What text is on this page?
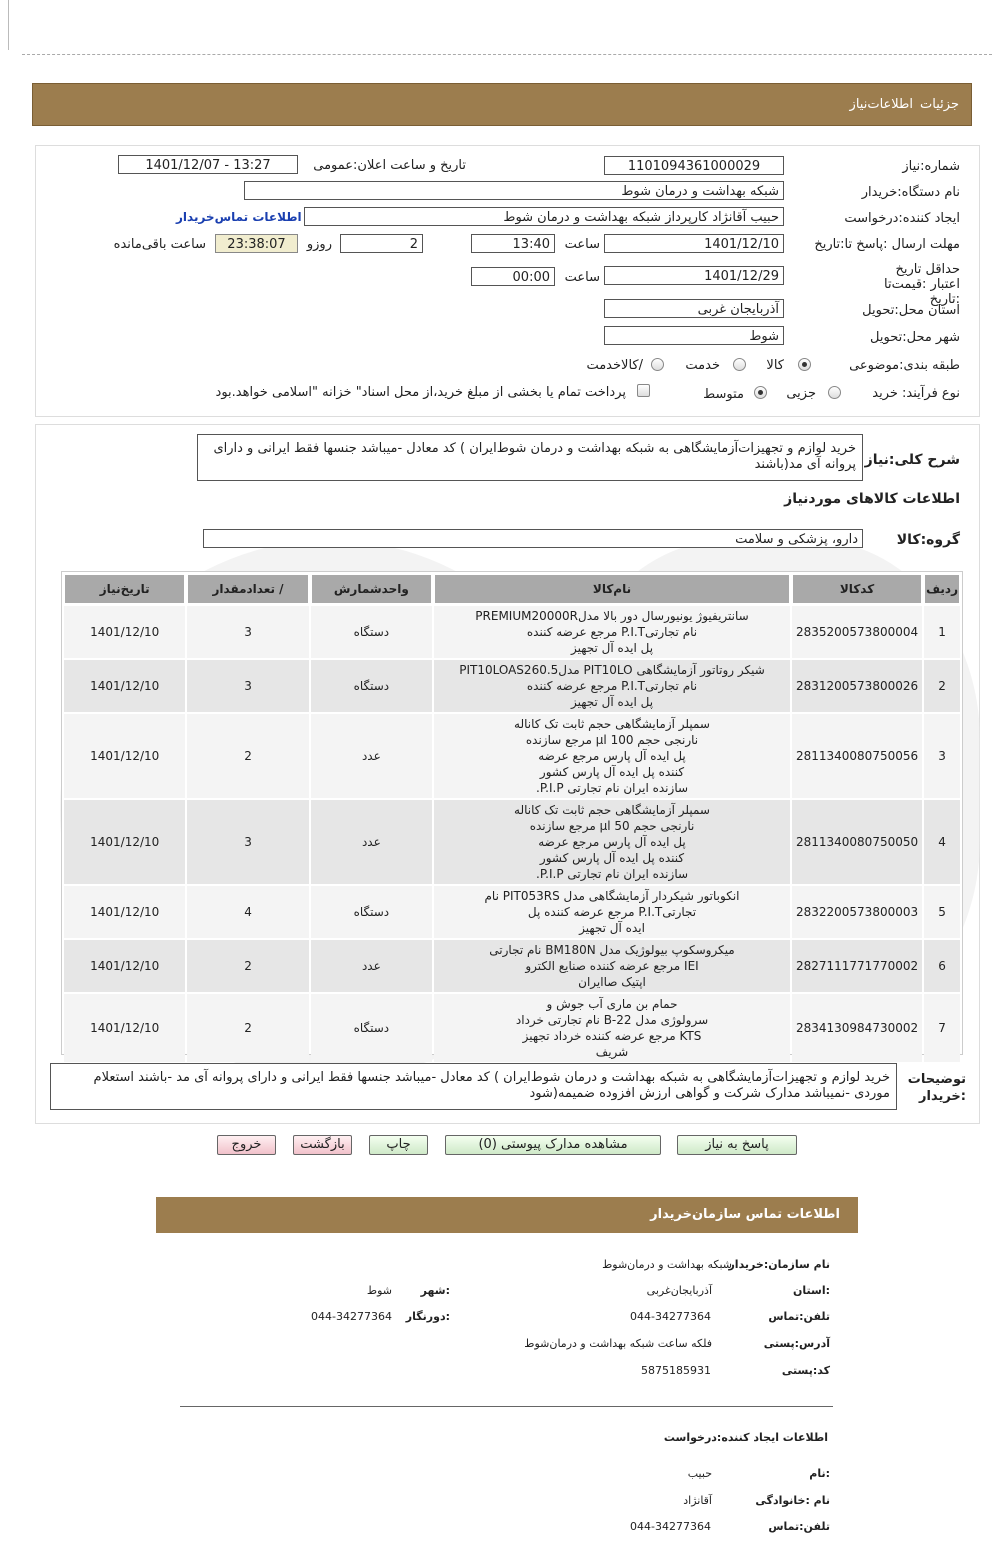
جزئیات
اطلاعات‌نیاز
شماره:نیاز
1101094361000029
تاریخ و ساعت اعلان:عمومی
1401/12/07 - 13:27
نام دستگاه:خریدار
شبکه بهداشت و درمان شوط
ایجاد کننده:درخواست
حبیب آقانژاد کارپرداز شبکه بهداشت و درمان شوط
اطلاعات تماس‌خریدار
مهلت ارسال :پاسخ تا:تاریخ
1401/12/10
ساعت
13:40
2
روزو
23:38:07
ساعت باقی‌مانده
حداقل تاریخ اعتبار :قیمت‌تا :تاریخ
1401/12/29
ساعت
00:00
استان محل:تحویل
آذربایجان غربی
شهر محل:تحویل
شوط
طبقه بندی:موضوعی
کالا
خدمت
/کالاخدمت
نوع فرآیند: خرید
جزیی
متوسط
پرداخت تمام یا بخشی از مبلغ خرید،از محل اسناد" خزانه "اسلامی خواهد.بود
شرح کلی:نیاز
خرید لوازم و تجهیزات‌آزمایشگاهی به شبکه بهداشت و درمان شوط‌ایران ) کد معادل -میباشد جنسها فقط ایرانی و دارای پروانه آی مد(باشند
اطلاعات کالاهای موردنیاز
گروه:کالا
دارو، پزشکی و سلامت
ردیف	کدکالا	نام‌کالا	واحدشمارش	/ تعدادمقدار	تاریخ‌نیاز
1	2835200573800004	سانتریفیوژ یونیورسال دور بالا مدلPREMIUM20000R
نام تجارتیP.I.T مرجع عرضه کننده
پل ایده آل تجهیز	دستگاه	3	1401/12/10
2	2831200573800026	شیکر روتاتور آزمایشگاهی PIT10LO مدلPIT10LOAS260.5
نام تجارتیP.I.T مرجع عرضه کننده
پل ایده آل تجهیز	دستگاه	3	1401/12/10
3	2811340080750056	سمپلر آزمایشگاهی حجم ثابت تک کاناله
نارنجی حجم µl 100 مرجع سازنده
پل ایده آل پارس مرجع عرضه
کننده پل ایده آل پارس کشور
سازنده ایران نام تجارتی P.I.P.	عدد	2	1401/12/10
4	2811340080750050	سمپلر آزمایشگاهی حجم ثابت تک کاناله
نارنجی حجم µl 50 مرجع سازنده
پل ایده آل پارس مرجع عرضه
کننده پل ایده آل پارس کشور
سازنده ایران نام تجارتی P.I.P.	عدد	3	1401/12/10
5	2832200573800003	انکوباتور شیکردار آزمایشگاهی مدل PIT053RS نام
تجارتیP.I.T مرجع عرضه کننده پل
ایده آل تجهیز	دستگاه	4	1401/12/10
6	2827111771770002	میکروسکوپ بیولوژیک مدل BM180N نام تجارتی
IEI مرجع عرضه کننده صنایع الکترو
اپتیک صاایران	عدد	2	1401/12/10
7	2834130984730002	حمام بن ماری آب جوش و
سرولوژی مدل B-22 نام تجارتی خرداد
KTS مرجع عرضه کننده خرداد تجهیز
شریف	دستگاه	2	1401/12/10
توضیحات :خریدار
خرید لوازم و تجهیزات‌آزمایشگاهی به شبکه بهداشت و درمان شوط‌ایران ) کد معادل -میباشد جنسها فقط ایرانی و دارای پروانه آی مد -باشند استعلام موردی -نمیباشد مدارک شرکت و گواهی ارزش افزوده ضمیمه(شود
پاسخ به نیاز
مشاهده مدارک پیوستی (0)
چاپ
بازگشت
خروج
اطلاعات تماس سازمان‌خریدار
نام سازمان:خریدار
شبکه بهداشت و درمان‌شوط
:استان
آذربایجان‌غربی
:شهر
شوط
تلفن:تماس
044-34277364
:دورنگار
044-34277364
آدرس:پستی
فلکه ساعت شبکه بهداشت و درمان‌شوط
کد:پستی
5875185931
اطلاعات ایجاد کننده:درخواست
:نام
حبیب
نام :خانوادگی
آقانژاد
تلفن:تماس
044-34277364
